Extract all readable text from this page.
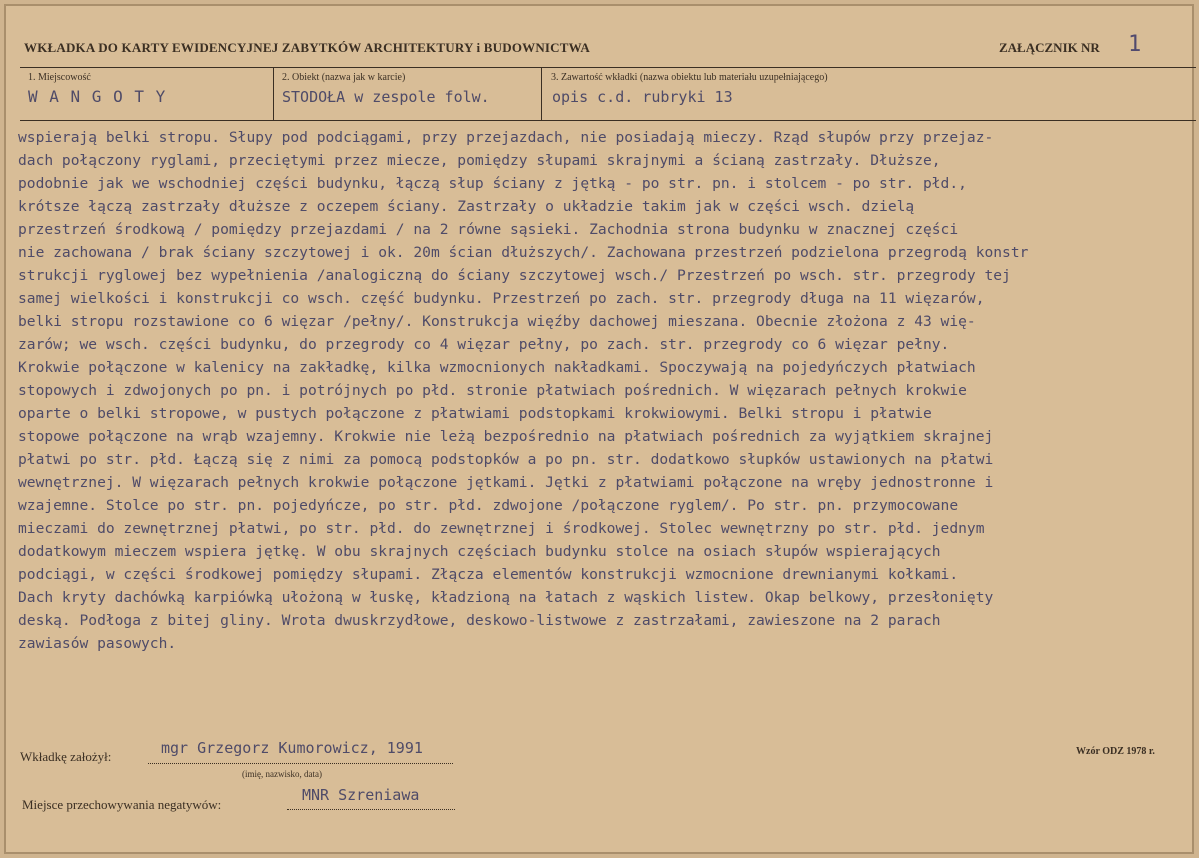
WKŁADKA DO KARTY EWIDENCYJNEJ ZABYTKÓW ARCHITEKTURY i BUDOWNICTWA	ZAŁĄCZNIK NR 1
1. Miejscowość
W A N G O T Y
2. Obiekt (nazwa jak w karcie)
STODOŁA w zespole folw.
3. Zawartość wkładki (nazwa obiektu lub materiału uzupełniającego)
opis c.d. rubryki 13
wspierają belki stropu. Słupy pod podciągami, przy przejazdach, nie posiadają mieczy. Rząd słupów przy przejaz-
dach połączony ryglami, przeciętymi przez miecze, pomiędzy słupami skrajnymi a ścianą zastrzały. Dłuższe,
podobnie jak we wschodniej części budynku, łączą słup ściany z jętką - po str. pn. i stolcem - po str. płd.,
krótsze łączą zastrzały dłuższe z oczepem ściany. Zastrzały o układzie takim jak w części wsch. dzielą
przestrzeń środkową / pomiędzy przejazdami / na 2 równe sąsieki. Zachodnia strona budynku w znacznej części
nie zachowana / brak ściany szczytowej i ok. 20m ścian dłuższych/. Zachowana przestrzeń podzielona przegrodą konstr
strukcji ryglowej bez wypełnienia /analogiczną do ściany szczytowej wsch./ Przestrzeń po wsch. str. przegrody tej
samej wielkości i konstrukcji co wsch. część budynku. Przestrzeń po zach. str. przegrody długa na 11 więzarów,
belki stropu rozstawione co 6 więzar /pełny/. Konstrukcja więźby dachowej mieszana. Obecnie złożona z 43 wię-
zarów; we wsch. części budynku, do przegrody co 4 więzar pełny, po zach. str. przegrody co 6 więzar pełny.
Krokwie połączone w kalenicy na zakładkę, kilka wzmocnionych nakładkami. Spoczywają na pojedyńczych płatwiach
stopowych i zdwojonych po pn. i potrójnych po płd. stronie płatwiach pośrednich. W więzarach pełnych krokwie
oparte o belki stropowe, w pustych połączone z płatwiami podstopkami krokwiowymi. Belki stropu i płatwie
stopowe połączone na wrąb wzajemny. Krokwie nie leżą bezpośrednio na płatwiach pośrednich za wyjątkiem skrajnej
płatwi po str. płd. Łączą się z nimi za pomocą podstopków a po pn. str. dodatkowo słupków ustawionych na płatwi
wewnętrznej. W więzarach pełnych krokwie połączone jętkami. Jętki z płatwiami połączone na wręby jednostronne i
wzajemne. Stolce po str. pn. pojedyńcze, po str. płd. zdwojone /połączone ryglem/. Po str. pn. przymocowane
mieczami do zewnętrznej płatwi, po str. płd. do zewnętrznej i środkowej. Stolec wewnętrzny po str. płd. jednym
dodatkowym mieczem wspiera jętkę. W obu skrajnych częściach budynku stolce na osiach słupów wspierających
podciągi, w części środkowej pomiędzy słupami. Złącza elementów konstrukcji wzmocnione drewnianymi kołkami.
Dach kryty dachówką karpiówką ułożoną w łuskę, kładzioną na łatach z wąskich listew. Okap belkowy, przesłonięty
deską. Podłoga z bitej gliny. Wrota dwuskrzydłowe, deskowo-listwowe z zastrzałami, zawieszone na 2 parach
zawiasów pasowych.
Wkładkę założył:	mgr Grzegorz Kumorowicz, 1991
(imię, nazwisko, data)
Miejsce przechowywania negatywów:
MNR Szreniawa
Wzór ODZ 1978 r.
